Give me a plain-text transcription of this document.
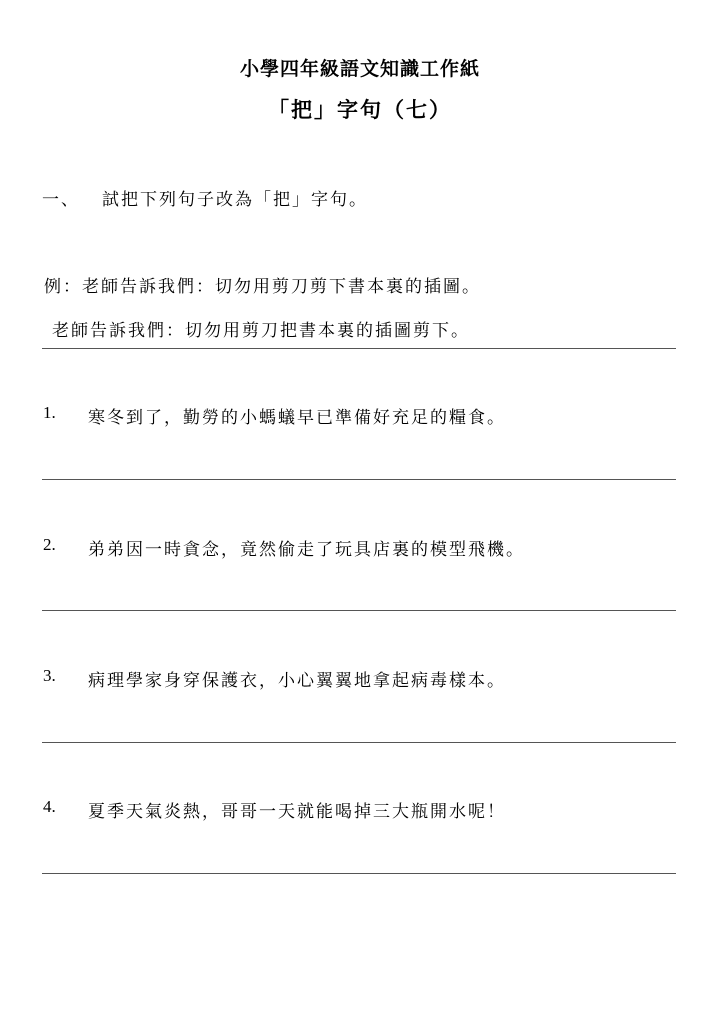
小學四年級語文知識工作紙
「把」字句（七）
一、 試把下列句子改為「把」字句。
例：老師告訴我們：切勿用剪刀剪下書本裏的插圖。
老師告訴我們：切勿用剪刀把書本裏的插圖剪下。
1. 寒冬到了，勤勞的小螞蟻早已準備好充足的糧食。
2. 弟弟因一時貪念，竟然偷走了玩具店裏的模型飛機。
3. 病理學家身穿保護衣，小心翼翼地拿起病毒樣本。
4. 夏季天氣炎熱，哥哥一天就能喝掉三大瓶開水呢！
